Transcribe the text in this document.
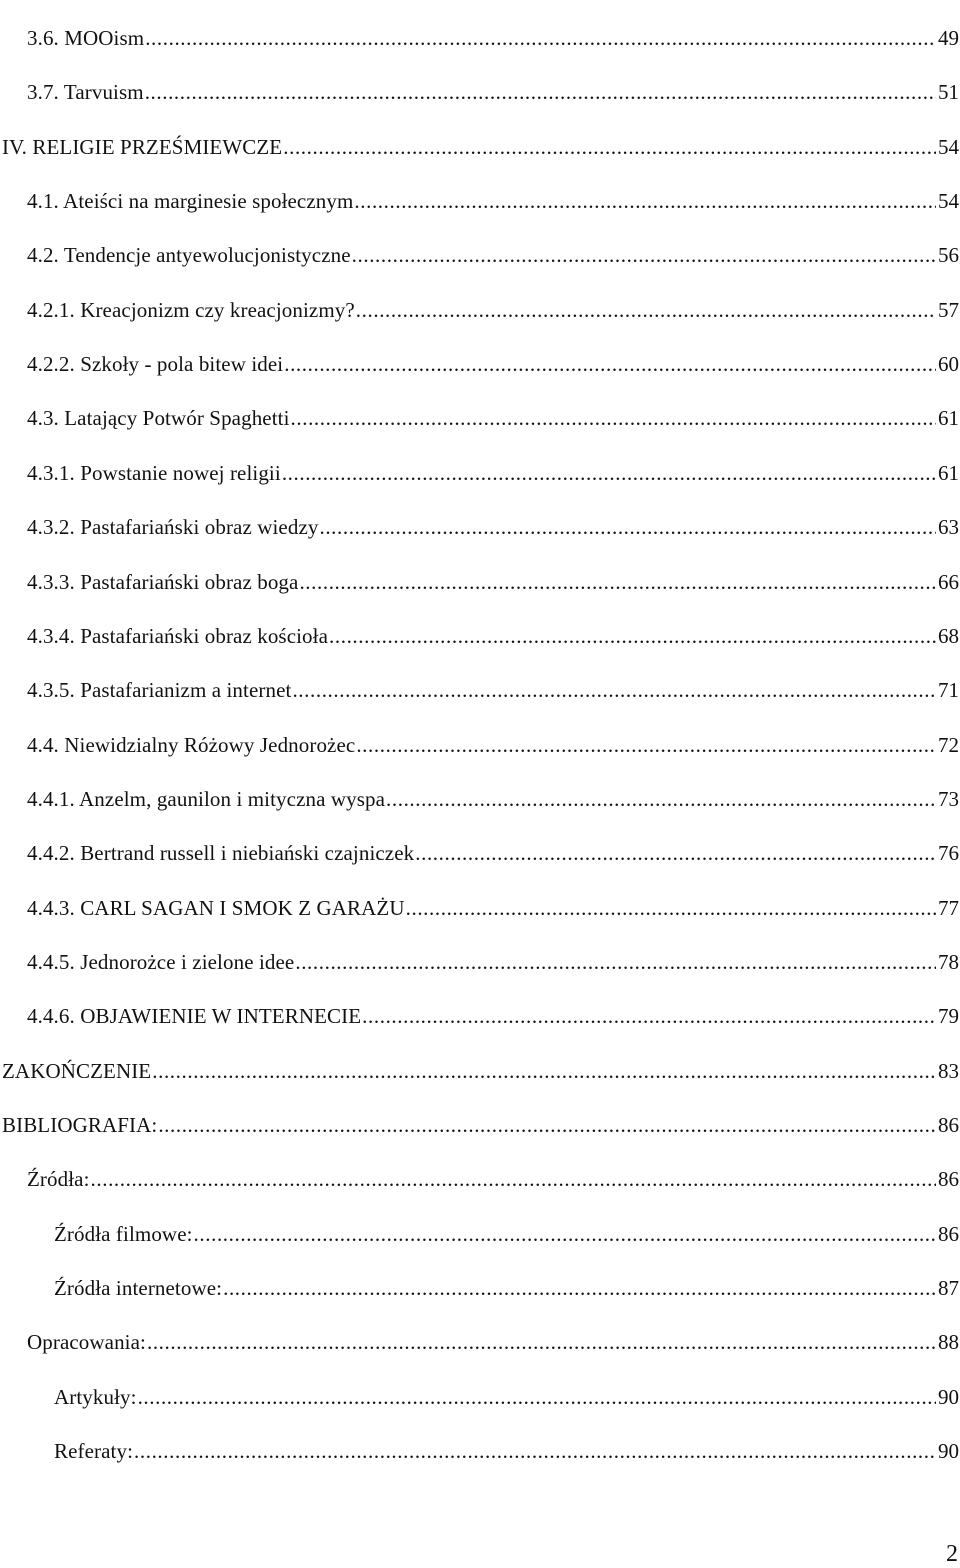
3.6. MOOism .....	49
3.7. Tarvuism .....	51
IV. RELIGIE PRZEŚMIEWCZE .....	54
4.1. Ateiści na marginesie społecznym .....	54
4.2. Tendencje antyewolucjonistyczne .....	56
4.2.1. Kreacjonizm czy kreacjonizmy? .....	57
4.2.2. Szkoły - pola bitew idei .....	60
4.3. Latający Potwór Spaghetti .....	61
4.3.1. Powstanie nowej religii .....	61
4.3.2. Pastafariański obraz wiedzy .....	63
4.3.3. Pastafariański obraz boga .....	66
4.3.4. Pastafariański obraz kościoła .....	68
4.3.5. Pastafarianizm a internet .....	71
4.4. Niewidzialny Różowy Jednorożec .....	72
4.4.1. Anzelm, gaunilon i mityczna wyspa .....	73
4.4.2. Bertrand russell i niebiański czajniczek .....	76
4.4.3. CARL SAGAN I SMOK Z GARAŻU .....	77
4.4.5. Jednorożce i zielone idee .....	78
4.4.6. OBJAWIENIE W INTERNECIE .....	79
ZAKOŃCZENIE .....	83
BIBLIOGRAFIA: .....	86
Źródła: .....	86
Źródła filmowe: .....	86
Źródła internetowe: .....	87
Opracowania: .....	88
Artykuły: .....	90
Referaty: .....	90
2
